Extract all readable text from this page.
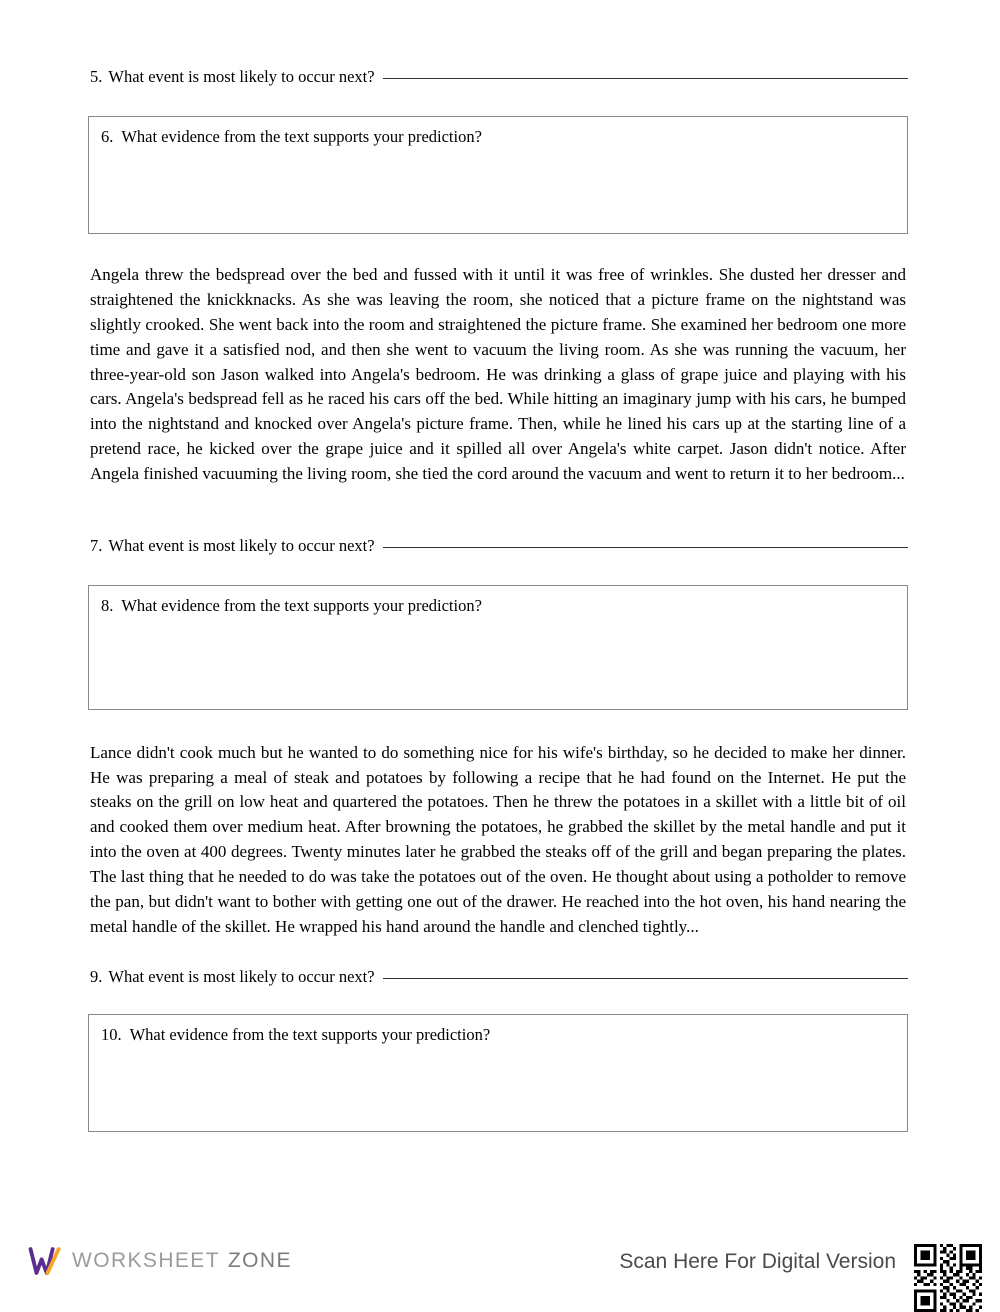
5. What event is most likely to occur next?

6.  What evidence from the text supports your prediction?

Angela threw the bedspread over the bed and fussed with it until it was free of wrinkles. She dusted her dresser and straightened the knickknacks. As she was leaving the room, she noticed that a picture frame on the nightstand was slightly crooked. She went back into the room and straightened the picture frame. She examined her bedroom one more time and gave it a satisfied nod, and then she went to vacuum the living room. As she was running the vacuum, her three-year-old son Jason walked into Angela's bedroom. He was drinking a glass of grape juice and playing with his cars. Angela's bedspread fell as he raced his cars off the bed. While hitting an imaginary jump with his cars, he bumped into the nightstand and knocked over Angela's picture frame. Then, while he lined his cars up at the starting line of a pretend race, he kicked over the grape juice and it spilled all over Angela's white carpet. Jason didn't notice. After Angela finished vacuuming the living room, she tied the cord around the vacuum and went to return it to her bedroom...

7. What event is most likely to occur next?

8.  What evidence from the text supports your prediction?

Lance didn't cook much but he wanted to do something nice for his wife's birthday, so he decided to make her dinner. He was preparing a meal of steak and potatoes by following a recipe that he had found on the Internet. He put the steaks on the grill on low heat and quartered the potatoes. Then he threw the potatoes in a skillet with a little bit of oil and cooked them over medium heat. After browning the potatoes, he grabbed the skillet by the metal handle and put it into the oven at 400 degrees. Twenty minutes later he grabbed the steaks off of the grill and began preparing the plates. The last thing that he needed to do was take the potatoes out of the oven. He thought about using a potholder to remove the pan, but didn't want to bother with getting one out of the drawer. He reached into the hot oven, his hand nearing the metal handle of the skillet. He wrapped his hand around the handle and clenched tightly...

9. What event is most likely to occur next?

10.  What evidence from the text supports your prediction?

WORKSHEET ZONE	Scan Here For Digital Version
